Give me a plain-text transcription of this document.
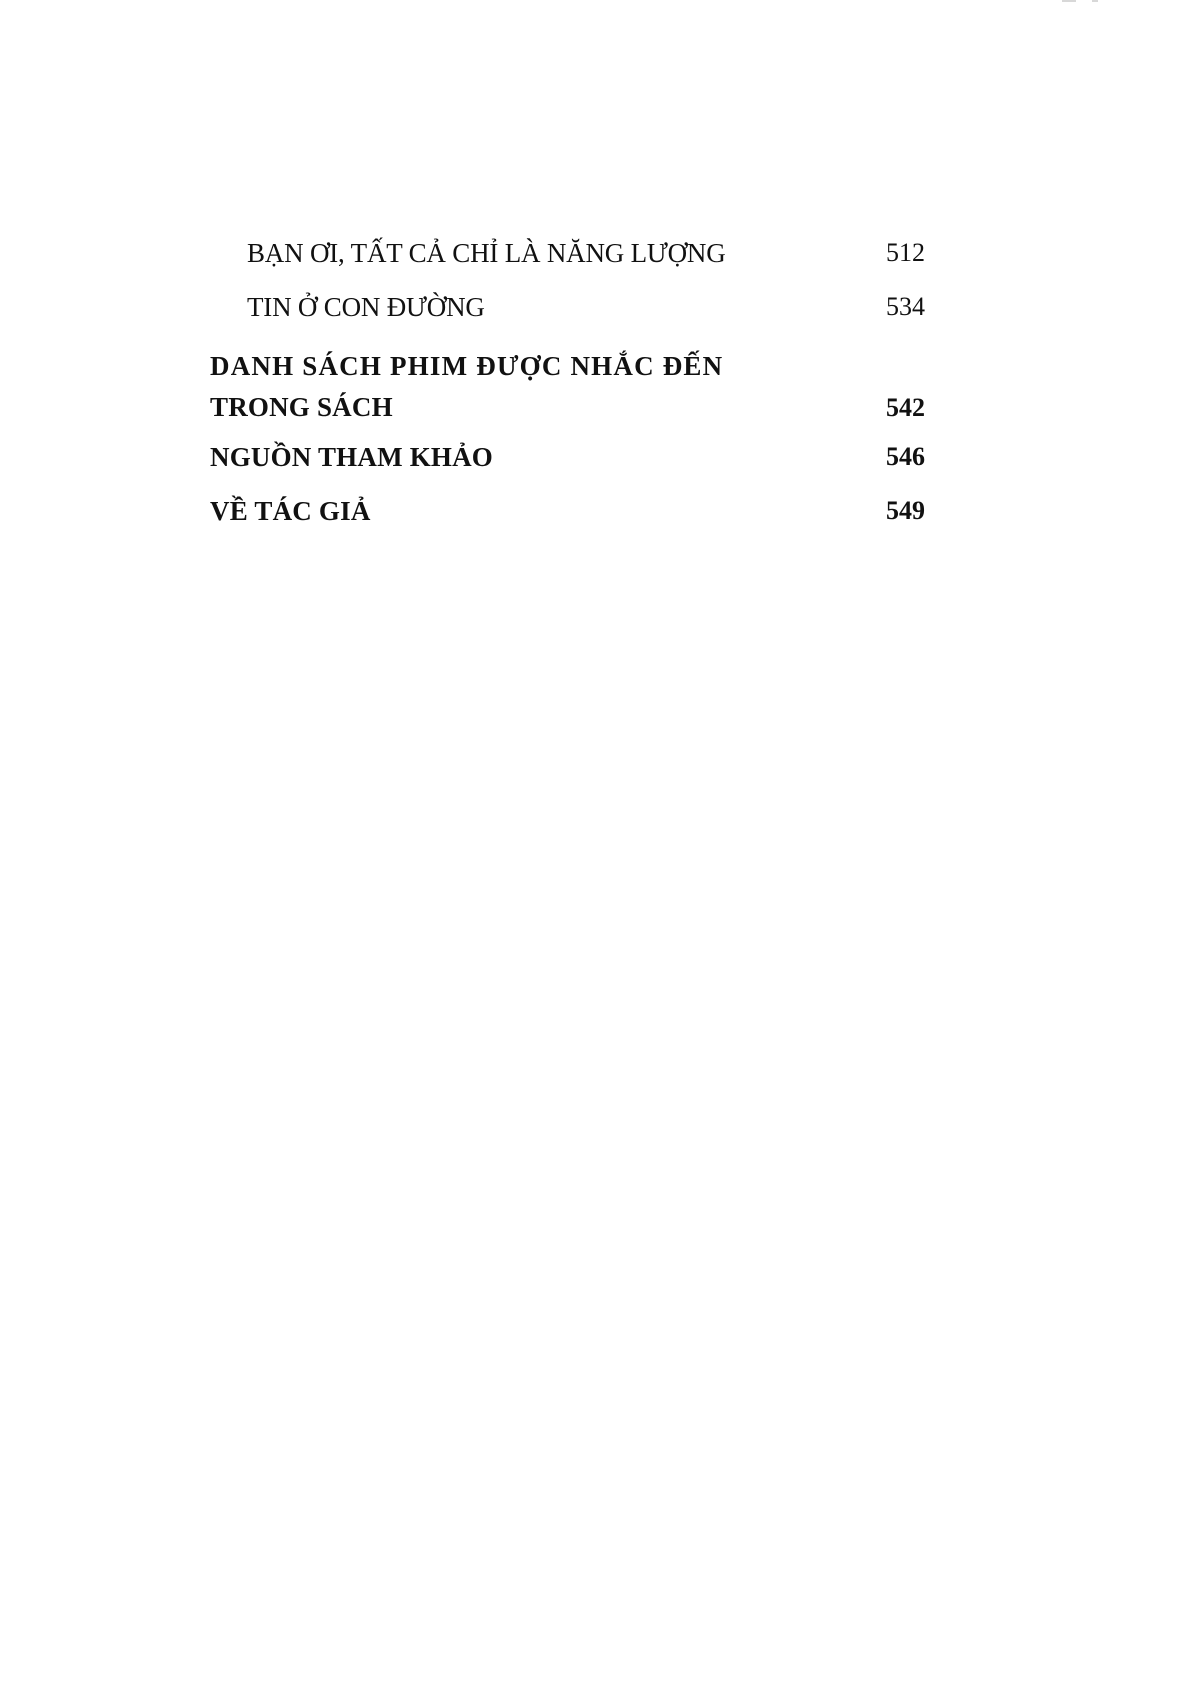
BẠN ƠI, TẤT CẢ CHỈ LÀ NĂNG LƯỢNG	512
TIN Ở CON ĐƯỜNG	534
DANH SÁCH PHIM ĐƯỢC NHẮC ĐẾN
TRONG SÁCH	542
NGUỒN THAM KHẢO	546
VỀ TÁC GIẢ	549
